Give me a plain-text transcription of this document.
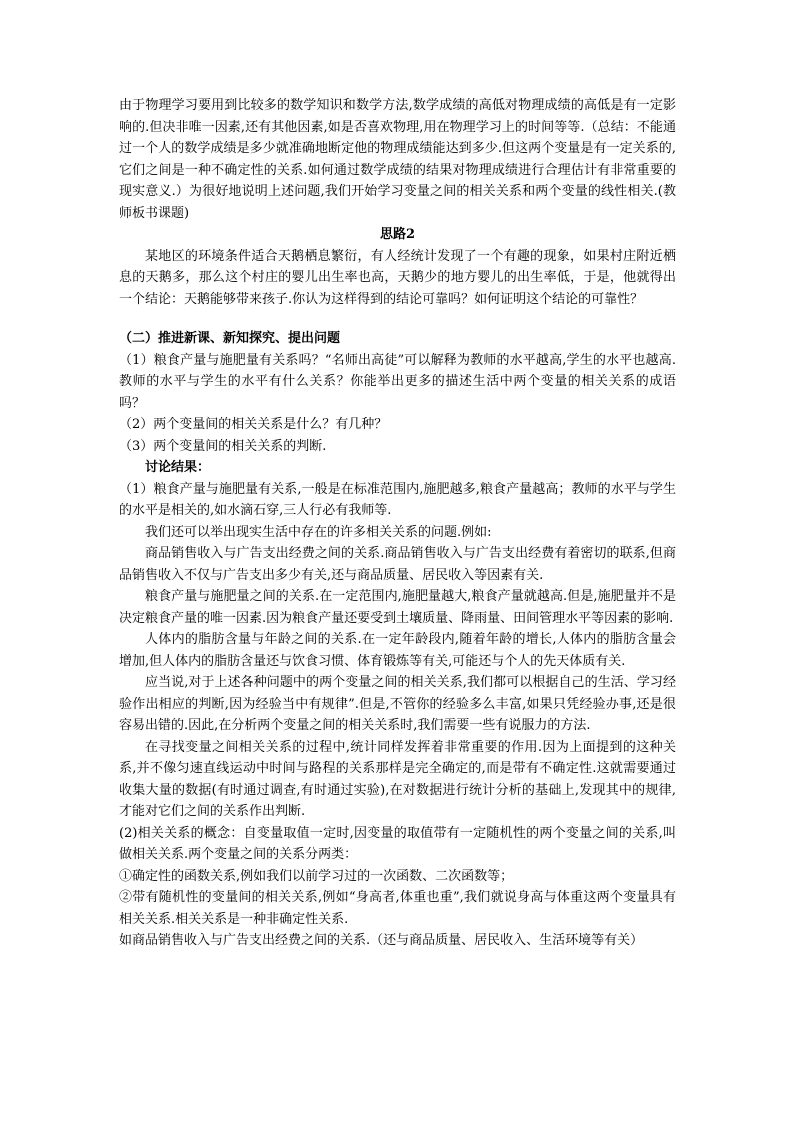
由于物理学习要用到比较多的数学知识和数学方法,数学成绩的高低对物理成绩的高低是有一定影响的.但决非唯一因素,还有其他因素,如是否喜欢物理,用在物理学习上的时间等等.（总结：不能通过一个人的数学成绩是多少就准确地断定他的物理成绩能达到多少.但这两个变量是有一定关系的,它们之间是一种不确定性的关系.如何通过数学成绩的结果对物理成绩进行合理估计有非常重要的现实意义.）为很好地说明上述问题,我们开始学习变量之间的相关关系和两个变量的线性相关.(教师板书课题)

思路2

某地区的环境条件适合天鹅栖息繁衍，有人经统计发现了一个有趣的现象，如果村庄附近栖息的天鹅多，那么这个村庄的婴儿出生率也高，天鹅少的地方婴儿的出生率低，于是，他就得出一个结论：天鹅能够带来孩子.你认为这样得到的结论可靠吗？如何证明这个结论的可靠性？

（二）推进新课、新知探究、提出问题

（1）粮食产量与施肥量有关系吗？“名师出高徒”可以解释为教师的水平越高,学生的水平也越高.教师的水平与学生的水平有什么关系？你能举出更多的描述生活中两个变量的相关关系的成语吗？

（2）两个变量间的相关关系是什么？有几种？

（3）两个变量间的相关关系的判断.

讨论结果：

（1）粮食产量与施肥量有关系,一般是在标准范围内,施肥越多,粮食产量越高；教师的水平与学生的水平是相关的,如水滴石穿,三人行必有我师等.

我们还可以举出现实生活中存在的许多相关关系的问题.例如:

商品销售收入与广告支出经费之间的关系.商品销售收入与广告支出经费有着密切的联系,但商品销售收入不仅与广告支出多少有关,还与商品质量、居民收入等因素有关.

粮食产量与施肥量之间的关系.在一定范围内,施肥量越大,粮食产量就越高.但是,施肥量并不是决定粮食产量的唯一因素.因为粮食产量还要受到土壤质量、降雨量、田间管理水平等因素的影响.

人体内的脂肪含量与年龄之间的关系.在一定年龄段内,随着年龄的增长,人体内的脂肪含量会增加,但人体内的脂肪含量还与饮食习惯、体育锻炼等有关,可能还与个人的先天体质有关.

应当说,对于上述各种问题中的两个变量之间的相关关系,我们都可以根据自己的生活、学习经验作出相应的判断,因为经验当中有规律”.但是,不管你的经验多么丰富,如果只凭经验办事,还是很容易出错的.因此,在分析两个变量之间的相关关系时,我们需要一些有说服力的方法.

在寻找变量之间相关关系的过程中,统计同样发挥着非常重要的作用.因为上面提到的这种关系,并不像匀速直线运动中时间与路程的关系那样是完全确定的,而是带有不确定性.这就需要通过收集大量的数据(有时通过调查,有时通过实验),在对数据进行统计分析的基础上,发现其中的规律,才能对它们之间的关系作出判断.

(2)相关关系的概念：自变量取值一定时,因变量的取值带有一定随机性的两个变量之间的关系,叫做相关关系.两个变量之间的关系分两类：

①确定性的函数关系,例如我们以前学习过的一次函数、二次函数等；

②带有随机性的变量间的相关关系,例如“身高者,体重也重”,我们就说身高与体重这两个变量具有相关关系.相关关系是一种非确定性关系.

如商品销售收入与广告支出经费之间的关系.（还与商品质量、居民收入、生活环境等有关）
